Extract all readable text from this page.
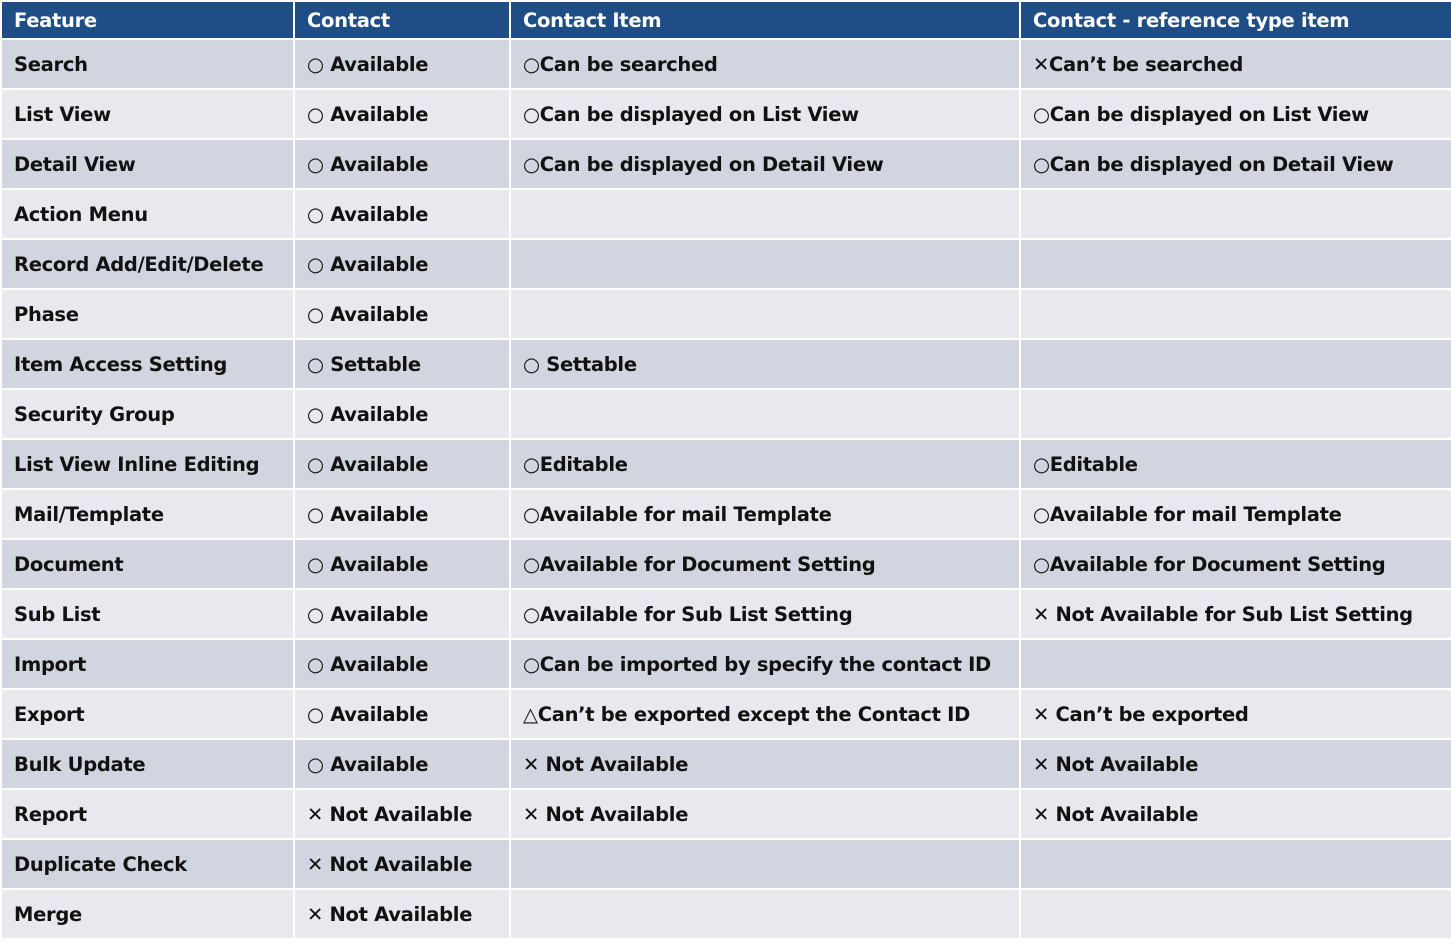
Feature	Contact	Contact Item	Contact - reference type item
Search	○ Available	○Can be searched	✕Can’t be searched
List View	○ Available	○Can be displayed on List View	○Can be displayed on List View
Detail View	○ Available	○Can be displayed on Detail View	○Can be displayed on Detail View
Action Menu	○ Available		
Record Add/Edit/Delete	○ Available		
Phase	○ Available		
Item Access Setting	○ Settable	○ Settable	
Security Group	○ Available		
List View Inline Editing	○ Available	○Editable	○Editable
Mail/Template	○ Available	○Available for mail Template	○Available for mail Template
Document	○ Available	○Available for Document Setting	○Available for Document Setting
Sub List	○ Available	○Available for Sub List Setting	✕ Not Available for Sub List Setting
Import	○ Available	○Can be imported by specify the contact ID	
Export	○ Available	△Can’t be exported except the Contact ID	✕ Can’t be exported
Bulk Update	○ Available	✕ Not Available	✕ Not Available
Report	✕ Not Available	✕ Not Available	✕ Not Available
Duplicate Check	✕ Not Available		
Merge	✕ Not Available		
